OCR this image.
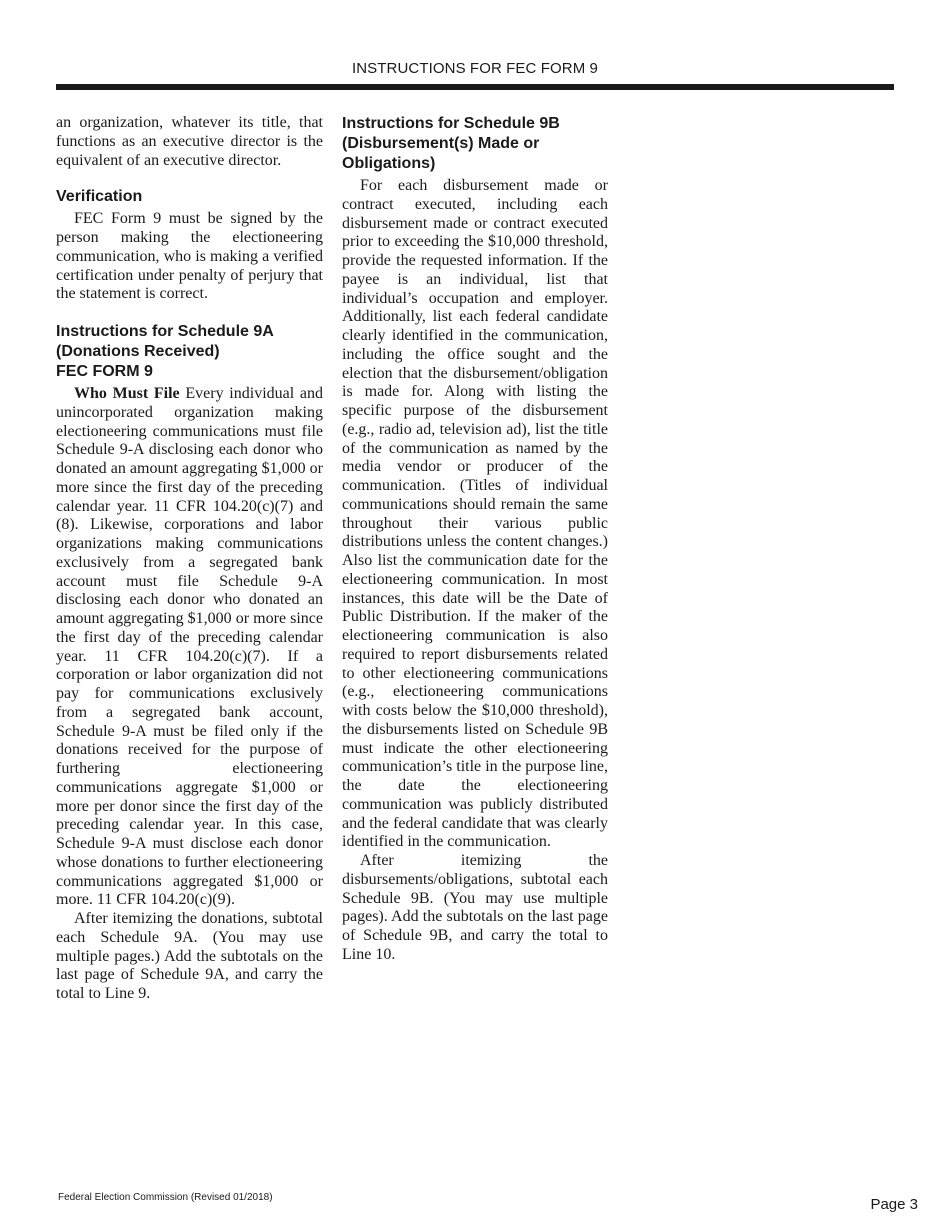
INSTRUCTIONS FOR FEC FORM 9

an organization, whatever its title, that functions as an executive director is the equivalent of an executive director.

Verification

FEC Form 9 must be signed by the person making the electioneering communication, who is making a verified certification under penalty of perjury that the statement is correct.

Instructions for Schedule 9A
(Donations Received)
FEC FORM 9

Who Must File Every individual and unincorporated organization making electioneering communications must file Schedule 9-A disclosing each donor who donated an amount aggregating $1,000 or more since the first day of the preceding calendar year. 11 CFR 104.20(c)(7) and (8). Likewise, corporations and labor organizations making communications exclusively from a segregated bank account must file Schedule 9-A disclosing each donor who donated an amount aggregating $1,000 or more since the first day of the preceding calendar year. 11 CFR 104.20(c)(7). If a corporation or labor organization did not pay for communications exclusively from a segregated bank account, Schedule 9-A must be filed only if the donations received for the purpose of furthering electioneering communications aggregate $1,000 or more per donor since the first day of the preceding calendar year. In this case, Schedule 9-A must disclose each donor whose donations to further electioneering communications aggregated $1,000 or more. 11 CFR 104.20(c)(9).

After itemizing the donations, subtotal each Schedule 9A. (You may use multiple pages.) Add the subtotals on the last page of Schedule 9A, and carry the total to Line 9.

Instructions for Schedule 9B
(Disbursement(s) Made or
Obligations)

For each disbursement made or contract executed, including each disbursement made or contract executed prior to exceeding the $10,000 threshold, provide the requested information. If the payee is an individual, list that individual’s occupation and employer. Additionally, list each federal candidate clearly identified in the communication, including the office sought and the election that the disbursement/obligation is made for. Along with listing the specific purpose of the disbursement (e.g., radio ad, television ad), list the title of the communication as named by the media vendor or producer of the communication. (Titles of individual communications should remain the same throughout their various public distributions unless the content changes.) Also list the communication date for the electioneering communication. In most instances, this date will be the Date of Public Distribution. If the maker of the electioneering communication is also required to report disbursements related to other electioneering communications (e.g., electioneering communications with costs below the $10,000 threshold), the disbursements listed on Schedule 9B must indicate the other electioneering communication’s title in the purpose line, the date the electioneering communication was publicly distributed and the federal candidate that was clearly identified in the communication.

After itemizing the disbursements/obligations, subtotal each Schedule 9B. (You may use multiple pages). Add the subtotals on the last page of Schedule 9B, and carry the total to Line 10.

Federal Election Commission (Revised 01/2018)	Page 3
